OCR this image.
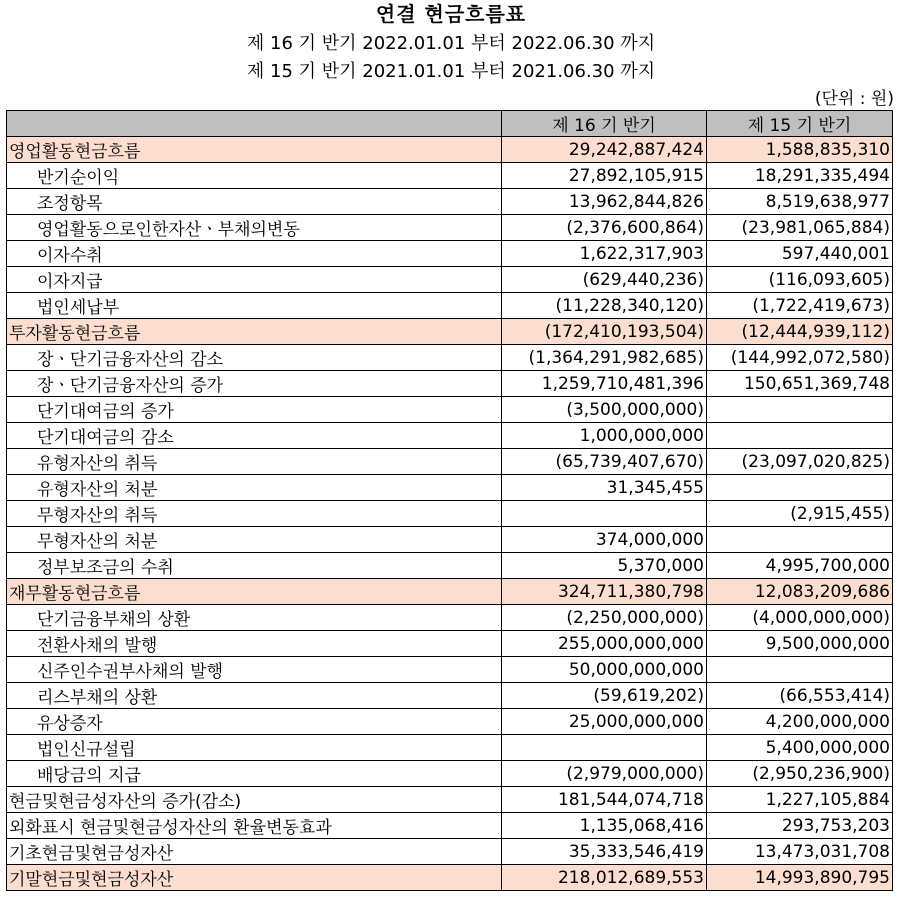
연결 현금흐름표
제 16 기 반기 2022.01.01 부터 2022.06.30 까지
제 15 기 반기 2021.01.01 부터 2021.06.30 까지
(단위 : 원)
	제 16 기 반기	제 15 기 반기
영업활동현금흐름	29,242,887,424	1,588,835,310
반기순이익	27,892,105,915	18,291,335,494
조정항목	13,962,844,826	8,519,638,977
영업활동으로인한자산ㆍ부채의변동	(2,376,600,864)	(23,981,065,884)
이자수취	1,622,317,903	597,440,001
이자지급	(629,440,236)	(116,093,605)
법인세납부	(11,228,340,120)	(1,722,419,673)
투자활동현금흐름	(172,410,193,504)	(12,444,939,112)
장ㆍ단기금융자산의 감소	(1,364,291,982,685)	(144,992,072,580)
장ㆍ단기금융자산의 증가	1,259,710,481,396	150,651,369,748
단기대여금의 증가	(3,500,000,000)	
단기대여금의 감소	1,000,000,000	
유형자산의 취득	(65,739,407,670)	(23,097,020,825)
유형자산의 처분	31,345,455	
무형자산의 취득		(2,915,455)
무형자산의 처분	374,000,000	
정부보조금의 수취	5,370,000	4,995,700,000
재무활동현금흐름	324,711,380,798	12,083,209,686
단기금융부채의 상환	(2,250,000,000)	(4,000,000,000)
전환사채의 발행	255,000,000,000	9,500,000,000
신주인수권부사채의 발행	50,000,000,000	
리스부채의 상환	(59,619,202)	(66,553,414)
유상증자	25,000,000,000	4,200,000,000
법인신규설립		5,400,000,000
배당금의 지급	(2,979,000,000)	(2,950,236,900)
현금및현금성자산의 증가(감소)	181,544,074,718	1,227,105,884
외화표시 현금및현금성자산의 환율변동효과	1,135,068,416	293,753,203
기초현금및현금성자산	35,333,546,419	13,473,031,708
기말현금및현금성자산	218,012,689,553	14,993,890,795
